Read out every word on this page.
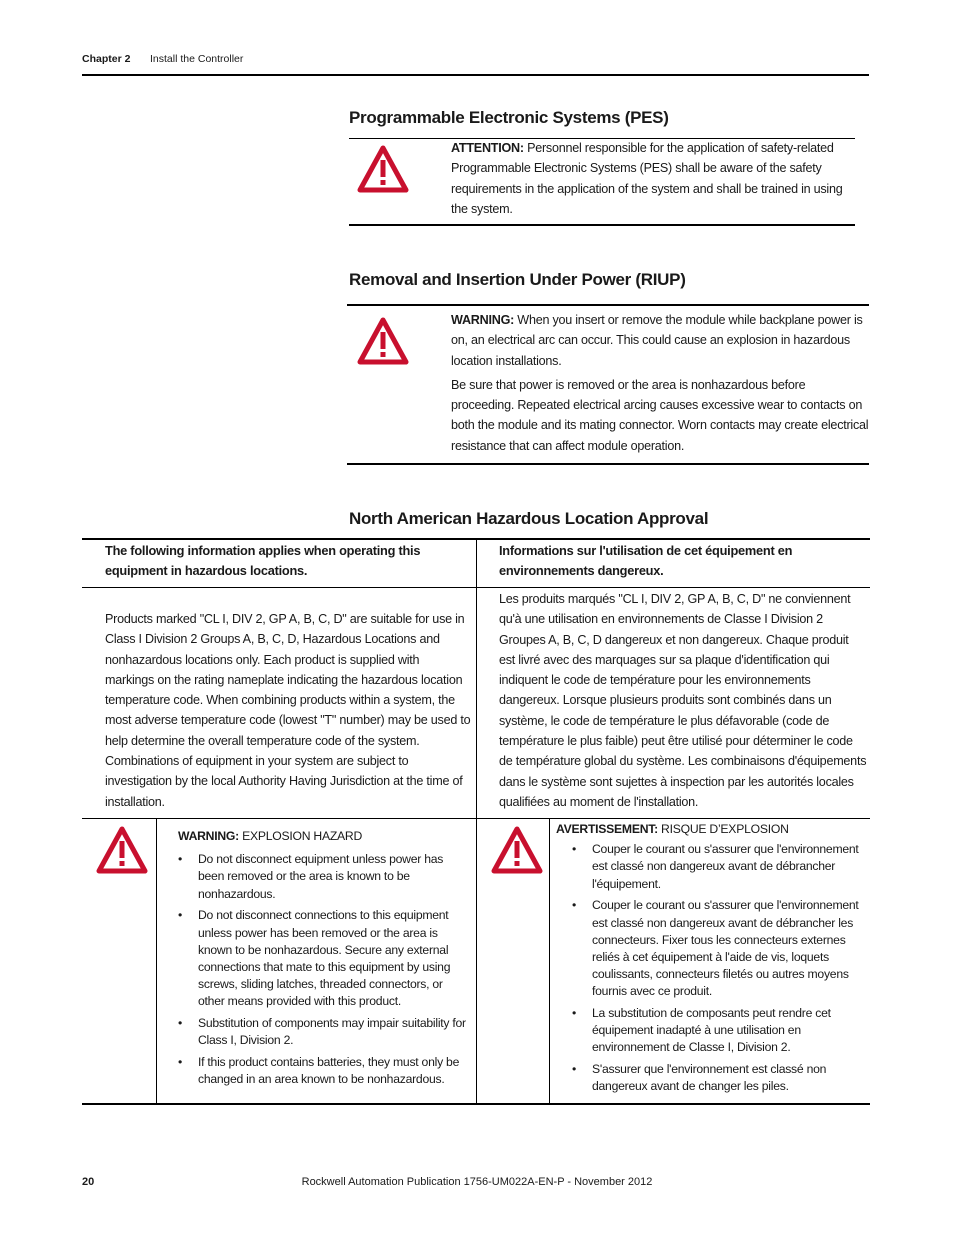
Chapter 2 Install the Controller
Programmable Electronic Systems (PES)

ATTENTION: Personnel responsible for the application of safety-related Programmable Electronic Systems (PES) shall be aware of the safety requirements in the application of the system and shall be trained in using the system.

Removal and Insertion Under Power (RIUP)

WARNING: When you insert or remove the module while backplane power is on, an electrical arc can occur. This could cause an explosion in hazardous location installations.

Be sure that power is removed or the area is nonhazardous before proceeding. Repeated electrical arcing causes excessive wear to contacts on both the module and its mating connector. Worn contacts may create electrical resistance that can affect module operation.

North American Hazardous Location Approval
The following information applies when operating this equipment in hazardous locations.
Informations sur l'utilisation de cet équipement en environnements dangereux.
Products marked "CL I, DIV 2, GP A, B, C, D" are suitable for use in Class I Division 2 Groups A, B, C, D, Hazardous Locations and nonhazardous locations only. Each product is supplied with markings on the rating nameplate indicating the hazardous location temperature code. When combining products within a system, the most adverse temperature code (lowest "T" number) may be used to help determine the overall temperature code of the system. Combinations of equipment in your system are subject to investigation by the local Authority Having Jurisdiction at the time of installation.
Les produits marqués "CL I, DIV 2, GP A, B, C, D" ne conviennent qu'à une utilisation en environnements de Classe I Division 2 Groupes A, B, C, D dangereux et non dangereux. Chaque produit est livré avec des marquages sur sa plaque d'identification qui indiquent le code de température pour les environnements dangereux. Lorsque plusieurs produits sont combinés dans un système, le code de température le plus défavorable (code de température le plus faible) peut être utilisé pour déterminer le code de température global du système. Les combinaisons d'équipements dans le système sont sujettes à inspection par les autorités locales qualifiées au moment de l'installation.
WARNING: EXPLOSION HAZARD
• Do not disconnect equipment unless power has been removed or the area is known to be nonhazardous.
• Do not disconnect connections to this equipment unless power has been removed or the area is known to be nonhazardous. Secure any external connections that mate to this equipment by using screws, sliding latches, threaded connectors, or other means provided with this product.
• Substitution of components may impair suitability for Class I, Division 2.
• If this product contains batteries, they must only be changed in an area known to be nonhazardous.
AVERTISSEMENT: RISQUE D’EXPLOSION
• Couper le courant ou s'assurer que l'environnement est classé non dangereux avant de débrancher l'équipement.
• Couper le courant ou s'assurer que l'environnement est classé non dangereux avant de débrancher les connecteurs. Fixer tous les connecteurs externes reliés à cet équipement à l'aide de vis, loquets coulissants, connecteurs filetés ou autres moyens fournis avec ce produit.
• La substitution de composants peut rendre cet équipement inadapté à une utilisation en environnement de Classe I, Division 2.
• S'assurer que l'environnement est classé non dangereux avant de changer les piles.
20	Rockwell Automation Publication 1756-UM022A-EN-P - November 2012
